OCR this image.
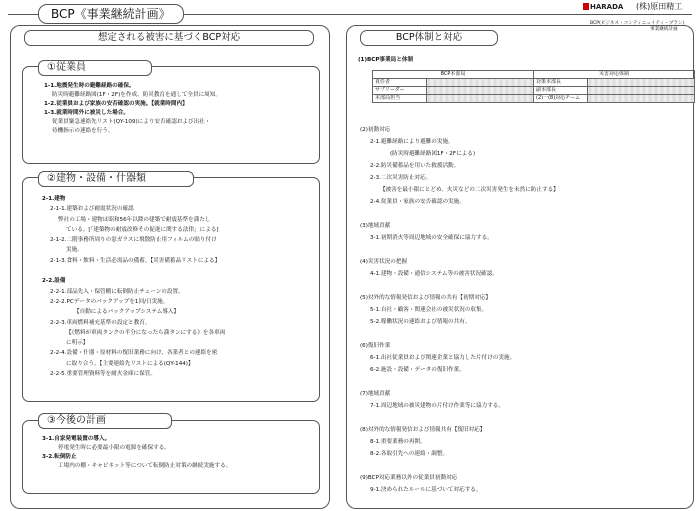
BCP《事業継続計画》	HARADA (株)原田精工
想定される被害に基づくBCP対応
①従業員
1-1.地震発生時の避難経路の確保。
防災時避難経路図(1F・2F)を作成、防災教育を通して全員に周知。
1-2.従業員および家族の安否確認の実施。【就業時間内】
1-3.就業時間外に被災した場合。
従業員緊急連絡先リスト(QY-109)により安否確認および出社・
待機指示の連絡を行う。
②建物・設備・什器類
2-1.建物
2-1-1.建築および耐震状況の確認
弊社の工場・建物は昭和56年以降の建築で耐震基準を満たし
ている。[「建築物の耐震改修その促進に関する法律」による]
2-1-2.二階事務所周りの窓ガラスに飛散防止用フィルムの貼り付け
実施。
2-1-3.食料・飲料・生活必需品の備蓄。【災害備蓄品リストによる】
2-2.設備
2-2-1.部品先入・保管棚に転倒防止チェーンの設置。
2-2-2.PCデータのバックアップを1回/日実施。
【自動によるバックアップシステム導入】
2-2-3.車両燃料補充基準の設定と教育。
【《燃料が車両タンクの半分になったら満タンにする》を各車両
に明示】
2-2-4.設備・什器・原材料の復旧業務に向け、各業者との連絡を密
に取り合う。【主要連絡先リストによる(QY-144)】
2-2-5.重要管理資料等を耐火金庫に保管。
③今後の計画
3-1.自家発電装置の導入。
停電発生時に必要最小限の電源を確保する。
3-2.転倒防止
工場内の棚・キャビネット等について転倒防止対策の継続実施する。
BCP体制と対応
BCP(ビジネス・コンティニュイティ・プラン)
事業継続計画
(1)BCP事業局と体制
BCP本部局		災害対応体制	
責任者		対策本部長	
サブリーダー		副本部長	
本部局担当		(2)一(8)対応チーム	
(2)初動対応
2-1.避難経路により避難の実施。
(防災時避難経路図1F・2Fによる)
2-2.防災備蓄品を用いた救援活動。
2-3.二次災害防止対応。
【被害を最小限にとどめ、火災などの二次災害発生を未然に防止する】
2-4.従業員・家族の安否確認の実施。
(3)地域貢献
3-1.初期消火等周辺地域の安全確保に協力する。
(4)災害状況の把握
4-1.建物・設備・通信システム等の被害状況確認。
(5)対外的な情報発信および情報の共有【初期対応】
5-1.自社・顧客・関連会社の被災状況の収集。
5-2.稼働状況の連絡および情報の共有。
(6)復旧作業
6-1.出社従業員および関連企業と協力した片付けの実施。
6-2.施設・設備・データの復旧作業。
(7)地域貢献
7-1.周辺地域の被災建物の片付け作業等に協力する。
(8)対外的な情報発信および情報共有【復旧対応】
8-1.重要業務の再開。
8-2.各取引先への連絡・調整。
(9)BCP対応業務以外の従業員初動対応
9-1.決められたルールに基づいて対応する。
